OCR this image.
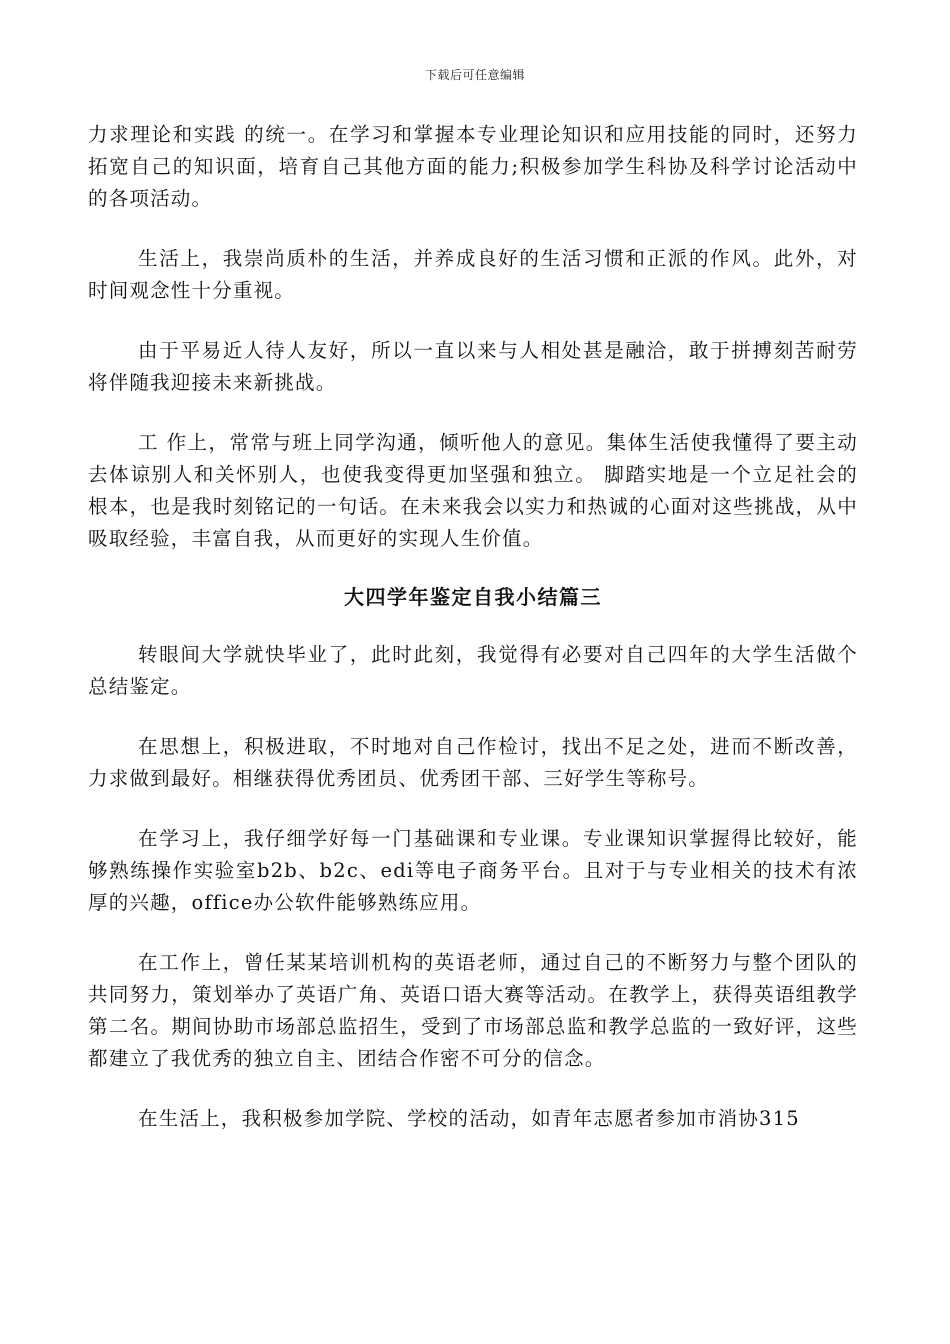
下载后可任意编辑

力求理论和实践 的统一。在学习和掌握本专业理论知识和应用技能的同时，还努力拓宽自己的知识面，培育自己其他方面的能力;积极参加学生科协及科学讨论活动中的各项活动。

生活上，我崇尚质朴的生活，并养成良好的生活习惯和正派的作风。此外，对时间观念性十分重视。

由于平易近人待人友好，所以一直以来与人相处甚是融洽，敢于拼搏刻苦耐劳将伴随我迎接未来新挑战。

工 作上，常常与班上同学沟通，倾听他人的意见。集体生活使我懂得了要主动去体谅别人和关怀别人，也使我变得更加坚强和独立。 脚踏实地是一个立足社会的根本，也是我时刻铭记的一句话。在未来我会以实力和热诚的心面对这些挑战，从中吸取经验，丰富自我，从而更好的实现人生价值。

大四学年鉴定自我小结篇三

转眼间大学就快毕业了，此时此刻，我觉得有必要对自己四年的大学生活做个总结鉴定。

在思想上，积极进取，不时地对自己作检讨，找出不足之处，进而不断改善，力求做到最好。相继获得优秀团员、优秀团干部、三好学生等称号。

在学习上，我仔细学好每一门基础课和专业课。专业课知识掌握得比较好，能够熟练操作实验室b2b、b2c、edi等电子商务平台。且对于与专业相关的技术有浓厚的兴趣，office办公软件能够熟练应用。

在工作上，曾任某某培训机构的英语老师，通过自己的不断努力与整个团队的共同努力，策划举办了英语广角、英语口语大赛等活动。在教学上，获得英语组教学第二名。期间协助市场部总监招生，受到了市场部总监和教学总监的一致好评，这些都建立了我优秀的独立自主、团结合作密不可分的信念。

在生活上，我积极参加学院、学校的活动，如青年志愿者参加市消协315
